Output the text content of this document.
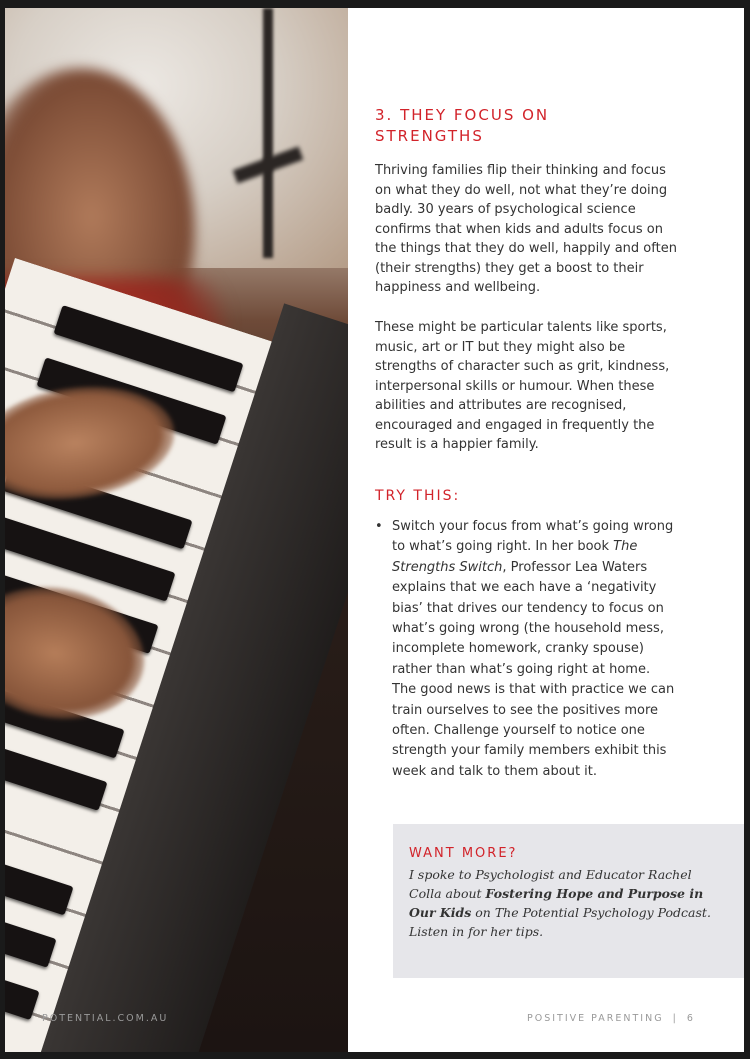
3. THEY FOCUS ON
STRENGTHS

Thriving families flip their thinking and focus on what they do well, not what they’re doing badly. 30 years of psychological science confirms that when kids and adults focus on the things that they do well, happily and often (their strengths) they get a boost to their happiness and wellbeing.

These might be particular talents like sports, music, art or IT but they might also be strengths of character such as grit, kindness, interpersonal skills or humour. When these abilities and attributes are recognised, encouraged and engaged in frequently the result is a happier family.

TRY THIS:
• Switch your focus from what’s going wrong to what’s going right. In her book The Strengths Switch, Professor Lea Waters explains that we each have a ‘negativity bias’ that drives our tendency to focus on what’s going wrong (the household mess, incomplete homework, cranky spouse) rather than what’s going right at home. The good news is that with practice we can train ourselves to see the positives more often. Challenge yourself to notice one strength your family members exhibit this week and talk to them about it.
WANT MORE?
I spoke to Psychologist and Educator Rachel Colla about Fostering Hope and Purpose in Our Kids on The Potential Psychology Podcast. Listen in for her tips.
POTENTIAL.COM.AU	POSITIVE PARENTING | 6
